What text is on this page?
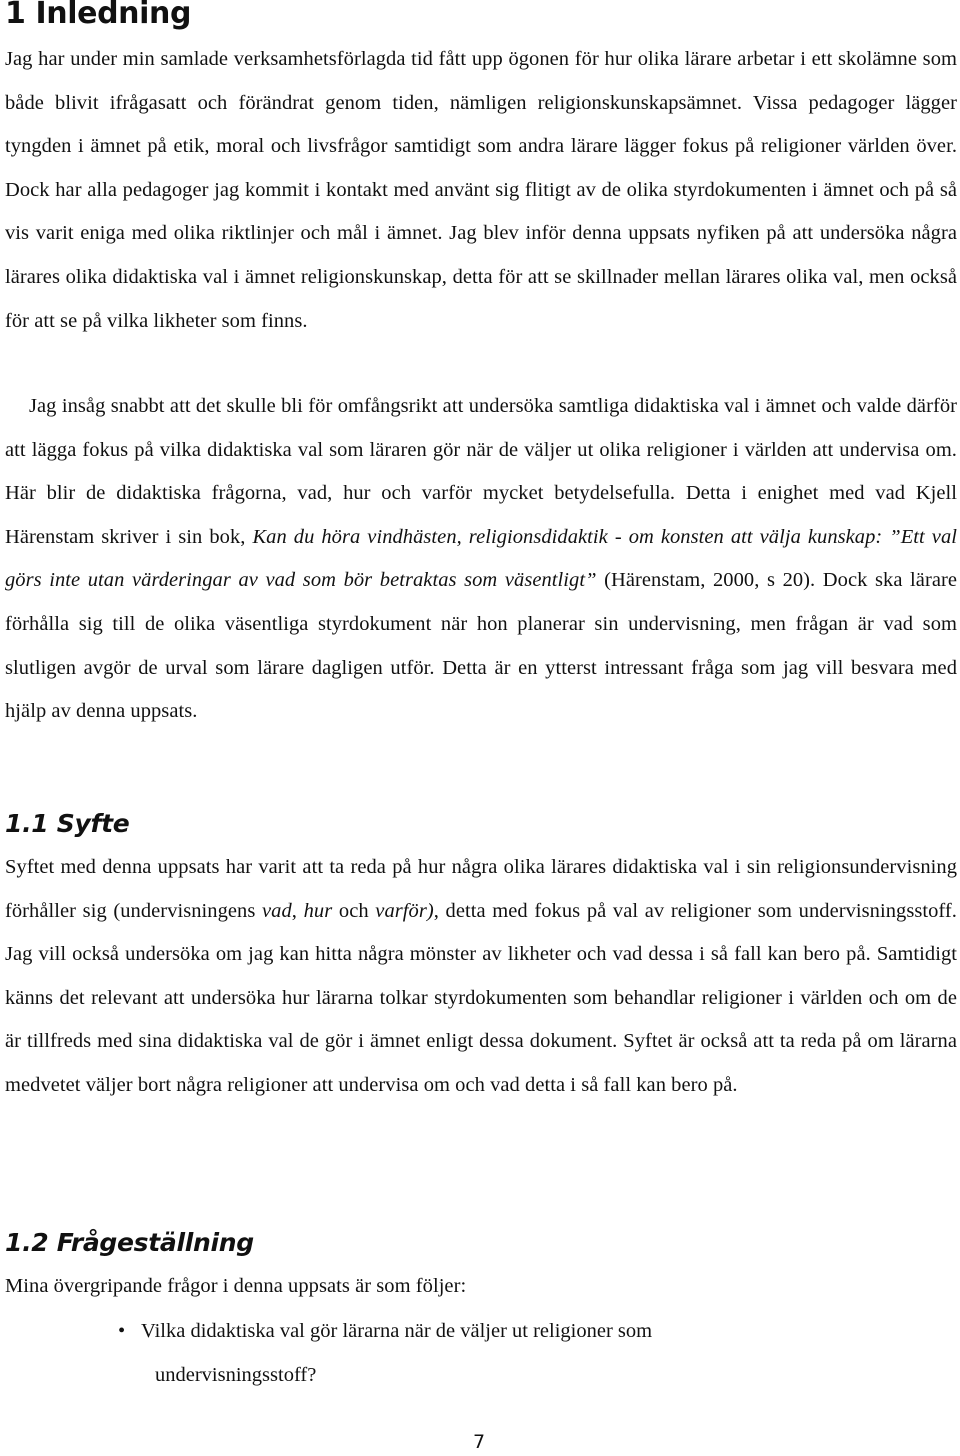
1 Inledning

Jag har under min samlade verksamhetsförlagda tid fått upp ögonen för hur olika lärare arbetar i ett skolämne som både blivit ifrågasatt och förändrat genom tiden, nämligen religionskunskapsämnet. Vissa pedagoger lägger tyngden i ämnet på etik, moral och livsfrågor samtidigt som andra lärare lägger fokus på religioner världen över. Dock har alla pedagoger jag kommit i kontakt med använt sig flitigt av de olika styrdokumenten i ämnet och på så vis varit eniga med olika riktlinjer och mål i ämnet. Jag blev inför denna uppsats nyfiken på att undersöka några lärares olika didaktiska val i ämnet religionskunskap, detta för att se skillnader mellan lärares olika val, men också för att se på vilka likheter som finns.

Jag insåg snabbt att det skulle bli för omfångsrikt att undersöka samtliga didaktiska val i ämnet och valde därför att lägga fokus på vilka didaktiska val som läraren gör när de väljer ut olika religioner i världen att undervisa om. Här blir de didaktiska frågorna, vad, hur och varför mycket betydelsefulla. Detta i enighet med vad Kjell Härenstam skriver i sin bok, Kan du höra vindhästen, religionsdidaktik - om konsten att välja kunskap: ”Ett val görs inte utan värderingar av vad som bör betraktas som väsentligt” (Härenstam, 2000, s 20). Dock ska lärare förhålla sig till de olika väsentliga styrdokument när hon planerar sin undervisning, men frågan är vad som slutligen avgör de urval som lärare dagligen utför. Detta är en ytterst intressant fråga som jag vill besvara med hjälp av denna uppsats.

1.1 Syfte

Syftet med denna uppsats har varit att ta reda på hur några olika lärares didaktiska val i sin religionsundervisning förhåller sig (undervisningens vad, hur och varför), detta med fokus på val av religioner som undervisningsstoff. Jag vill också undersöka om jag kan hitta några mönster av likheter och vad dessa i så fall kan bero på. Samtidigt känns det relevant att undersöka hur lärarna tolkar styrdokumenten som behandlar religioner i världen och om de är tillfreds med sina didaktiska val de gör i ämnet enligt dessa dokument. Syftet är också att ta reda på om lärarna medvetet väljer bort några religioner att undervisa om och vad detta i så fall kan bero på.

1.2 Frågeställning

Mina övergripande frågor i denna uppsats är som följer:

• Vilka didaktiska val gör lärarna när de väljer ut religioner som
undervisningsstoff?
7
